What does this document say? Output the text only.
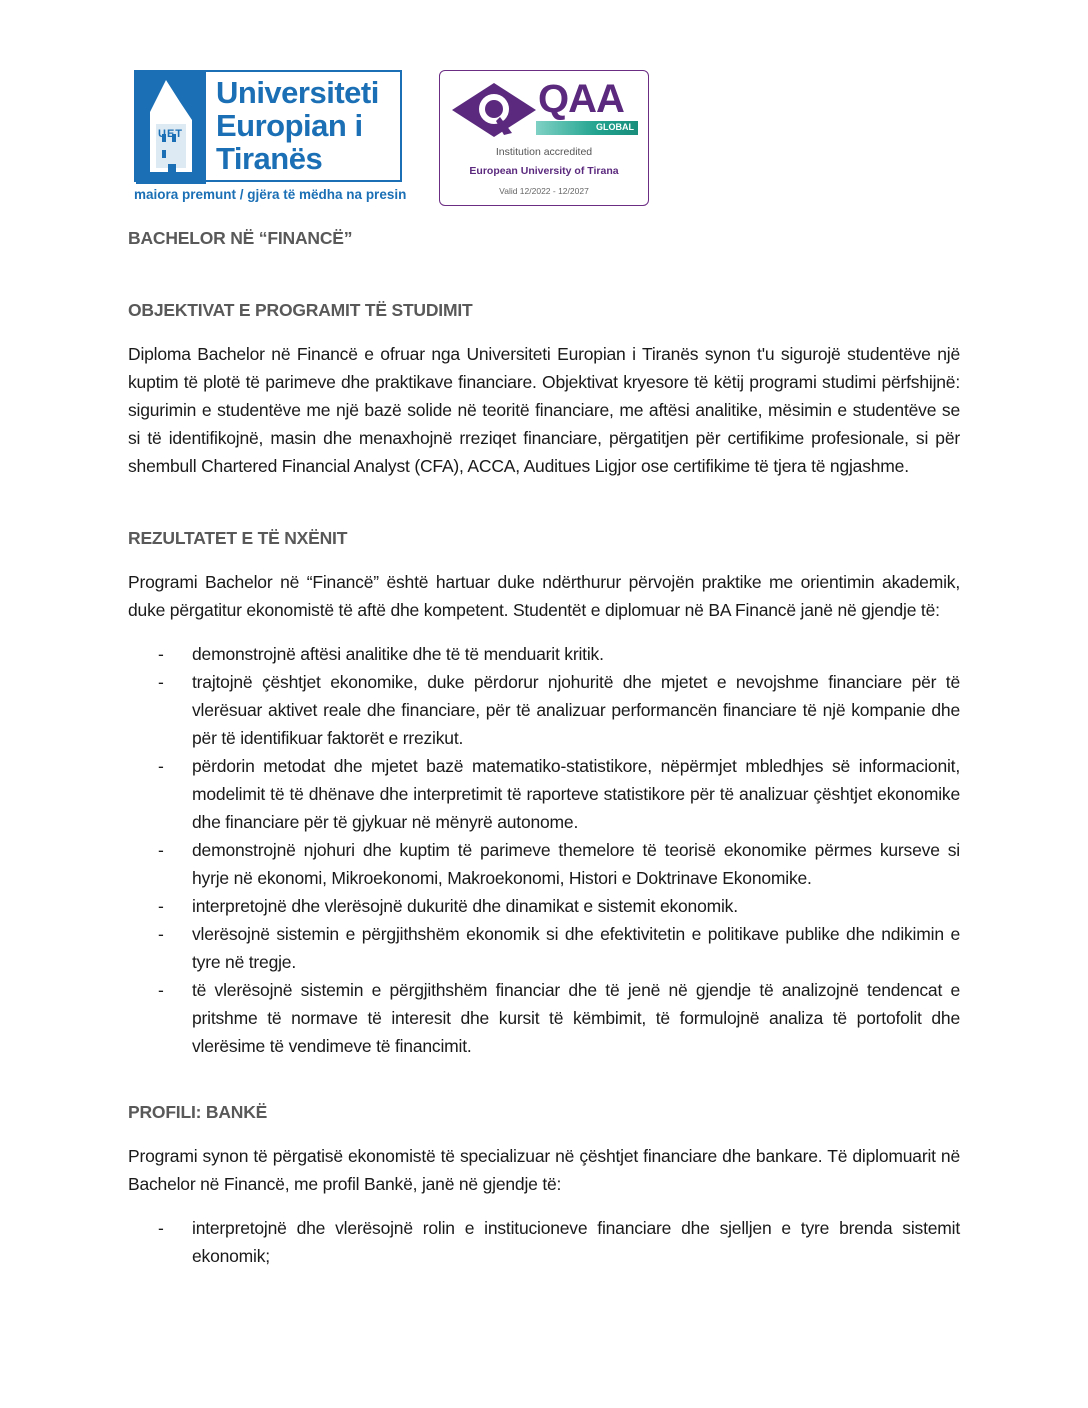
UET
Universiteti
Europian i
Tiranës
maiora premunt / gjëra të mëdha na presin
QAA
GLOBAL
Institution accredited
European University of Tirana
Valid 12/2022 - 12/2027
BACHELOR NË “FINANCË”
OBJEKTIVAT E PROGRAMIT TË STUDIMIT

Diploma Bachelor në Financë e ofruar nga Universiteti Europian i Tiranës synon t'u sigurojë studentëve një kuptim të plotë të parimeve dhe praktikave financiare. Objektivat kryesore të këtij programi studimi përfshijnë: sigurimin e studentëve me një bazë solide në teoritë financiare, me aftësi analitike, mësimin e studentëve se si të identifikojnë, masin dhe menaxhojnë rreziqet financiare, përgatitjen për certifikime profesionale, si për shembull Chartered Financial Analyst (CFA), ACCA, Auditues Ligjor ose certifikime të tjera të ngjashme.

REZULTATET E TË NXËNIT

Programi Bachelor në “Financë” është hartuar duke ndërthurur përvojën praktike me orientimin akademik, duke përgatitur ekonomistë të aftë dhe kompetent. Studentët e diplomuar në BA Financë janë në gjendje të:

- demonstrojnë aftësi analitike dhe të të menduarit kritik.
- trajtojnë çështjet ekonomike, duke përdorur njohuritë dhe mjetet e nevojshme financiare për të vlerësuar aktivet reale dhe financiare, për të analizuar performancën financiare të një kompanie dhe për të identifikuar faktorët e rrezikut.
- përdorin metodat dhe mjetet bazë matematiko-statistikore, nëpërmjet mbledhjes së informacionit, modelimit të të dhënave dhe interpretimit të raporteve statistikore për të analizuar çështjet ekonomike dhe financiare për të gjykuar në mënyrë autonome.
- demonstrojnë njohuri dhe kuptim të parimeve themelore të teorisë ekonomike përmes kurseve si hyrje në ekonomi, Mikroekonomi, Makroekonomi, Histori e Doktrinave Ekonomike.
- interpretojnë dhe vlerësojnë dukuritë dhe dinamikat e sistemit ekonomik.
- vlerësojnë sistemin e përgjithshëm ekonomik si dhe efektivitetin e politikave publike dhe ndikimin e tyre në tregje.
- të vlerësojnë sistemin e përgjithshëm financiar dhe të jenë në gjendje të analizojnë tendencat e pritshme të normave të interesit dhe kursit të këmbimit, të formulojnë analiza të portofolit dhe vlerësime të vendimeve të financimit.
PROFILI: BANKË

Programi synon të përgatisë ekonomistë të specializuar në çështjet financiare dhe bankare. Të diplomuarit në Bachelor në Financë, me profil Bankë, janë në gjendje të:

- interpretojnë dhe vlerësojnë rolin e institucioneve financiare dhe sjelljen e tyre brenda sistemit ekonomik;
